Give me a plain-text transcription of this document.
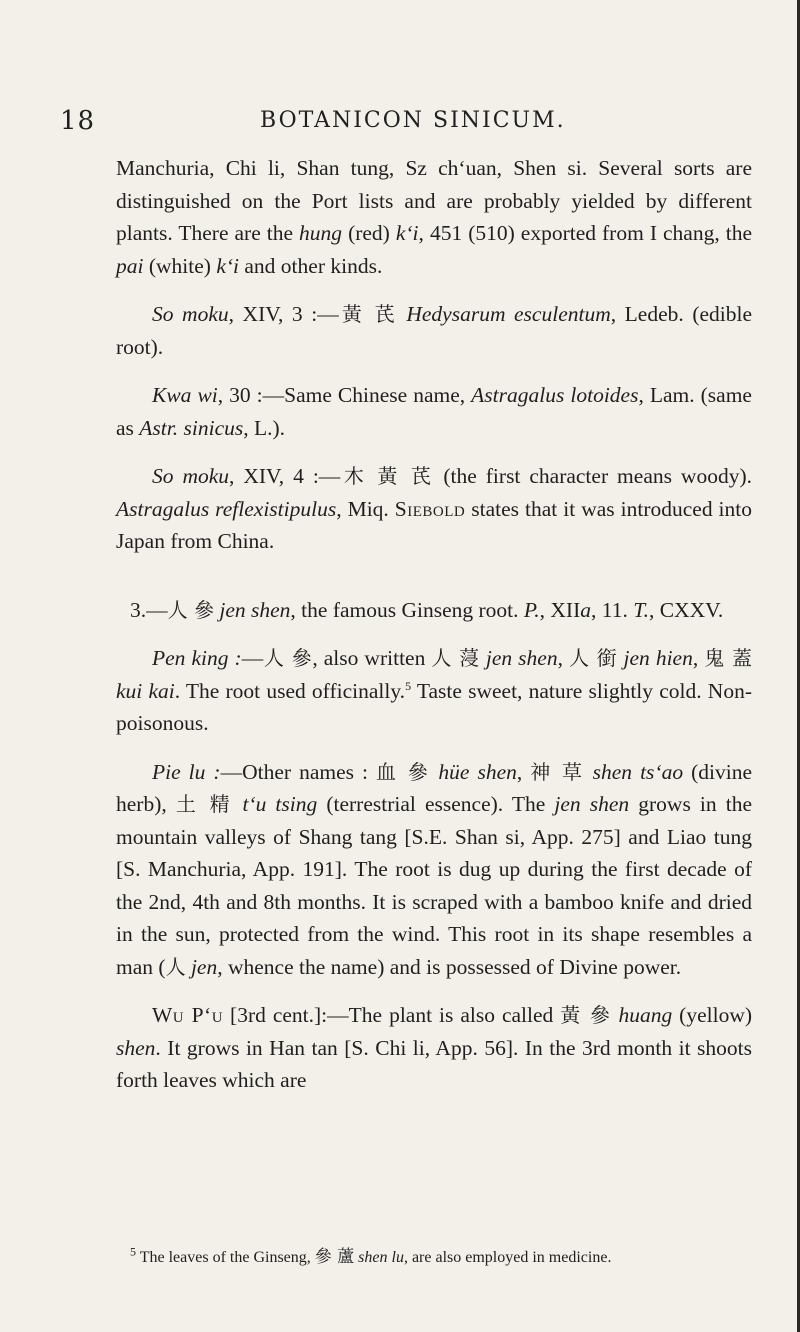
18	BOTANICON SINICUM.

Manchuria, Chi li, Shan tung, Sz ch‘uan, Shen si. Several sorts are distinguished on the Port lists and are probably yielded by different plants. There are the hung (red) k‘i, 451 (510) exported from I chang, the pai (white) k‘i and other kinds.

So moku, XIV, 3 :—黃 芪 Hedysarum esculentum, Ledeb. (edible root).

Kwa wi, 30 :—Same Chinese name, Astragalus lotoides, Lam. (same as Astr. sinicus, L.).

So moku, XIV, 4 :—木 黃 芪 (the first character means woody). Astragalus reflexistipulus, Miq. Siebold states that it was introduced into Japan from China.

3.—人 參 jen shen, the famous Ginseng root. P., XIIa, 11. T., CXXV.

Pen king :—人 參, also written 人 蓡 jen shen, 人 銜 jen hien, 鬼 蓋 kui kai. The root used officinally.$^5$ Taste sweet, nature slightly cold. Non-poisonous.

Pie lu :—Other names : 血 參 hüe shen, 神 草 shen ts‘ao (divine herb), 土 精 t‘u tsing (terrestrial essence). The jen shen grows in the mountain valleys of Shang tang [S.E. Shan si, App. 275] and Liao tung [S. Manchuria, App. 191]. The root is dug up during the first decade of the 2nd, 4th and 8th months. It is scraped with a bamboo knife and dried in the sun, protected from the wind. This root in its shape resembles a man (人 jen, whence the name) and is possessed of Divine power.

Wu P‘u [3rd cent.]:—The plant is also called 黃 參 huang (yellow) shen. It grows in Han tan [S. Chi li, App. 56]. In the 3rd month it shoots forth leaves which are

$^5$ The leaves of the Ginseng, 參 蘆 shen lu, are also employed in medicine.
